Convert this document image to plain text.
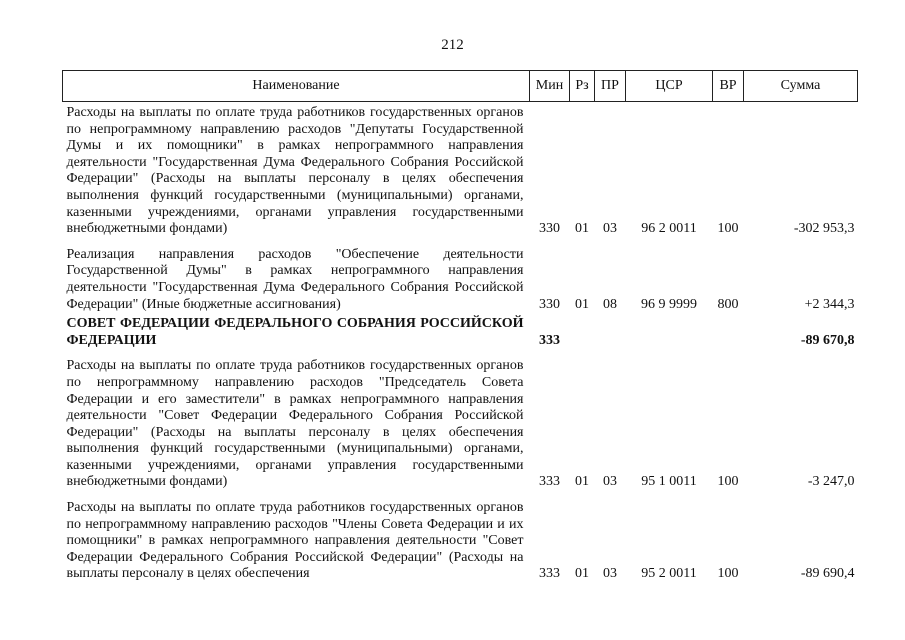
212
Наименование	Мин	Рз	ПР	ЦСР	ВР	Сумма
Расходы на выплаты по оплате труда работников государственных органов по непрограммному направлению расходов "Депутаты Государственной Думы и их помощники" в рамках непрограммного направления деятельности "Государственная Дума Федерального Собрания Российской Федерации" (Расходы на выплаты персоналу в целях обеспечения выполнения функций государственными (муниципальными) органами, казенными учреждениями, органами управления государственными внебюджетными фондами)	330	01	03	96 2 0011	100	-302 953,3
Реализация направления расходов "Обеспечение деятельности Государственной Думы" в рамках непрограммного направления деятельности "Государственная Дума Федерального Собрания Российской Федерации" (Иные бюджетные ассигнования)	330	01	08	96 9 9999	800	+2 344,3
СОВЕТ ФЕДЕРАЦИИ ФЕДЕРАЛЬНОГО СОБРАНИЯ РОССИЙСКОЙ ФЕДЕРАЦИИ	333					-89 670,8
Расходы на выплаты по оплате труда работников государственных органов по непрограммному направлению расходов "Председатель Совета Федерации и его заместители" в рамках непрограммного направления деятельности "Совет Федерации Федерального Собрания Российской Федерации" (Расходы на выплаты персоналу в целях обеспечения выполнения функций государственными (муниципальными) органами, казенными учреждениями, органами управления государственными внебюджетными фондами)	333	01	03	95 1 0011	100	-3 247,0
Расходы на выплаты по оплате труда работников государственных органов по непрограммному направлению расходов "Члены Совета Федерации и их помощники" в рамках непрограммного направления деятельности "Совет Федерации Федерального Собрания Российской Федерации" (Расходы на выплаты персоналу в целях обеспечения	333	01	03	95 2 0011	100	-89 690,4
